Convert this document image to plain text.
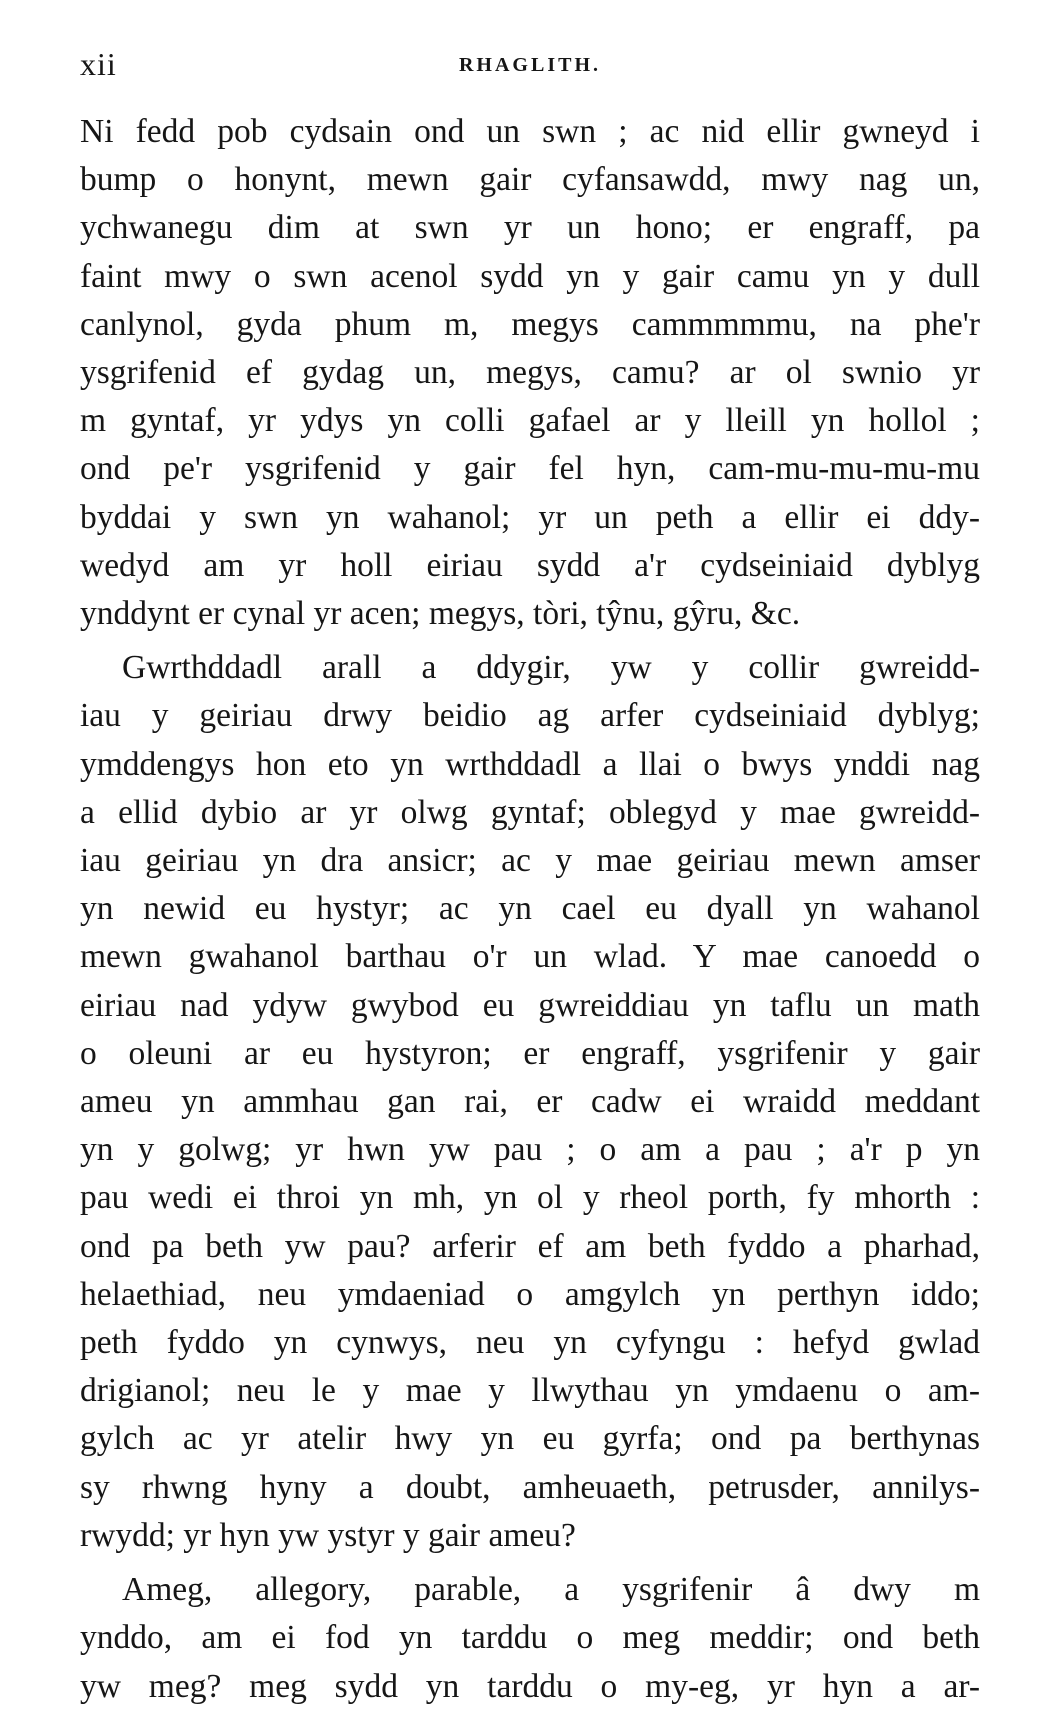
xii	RHAGLITH.

Ni fedd pob cydsain ond un swn ; ac nid ellir gwneyd i
bump o honynt, mewn gair cyfansawdd, mwy nag un,
ychwanegu dim at swn yr un hono; er engraff, pa
faint mwy o swn acenol sydd yn y gair camu yn y dull
canlynol, gyda phum m, megys cammmmmu, na phe'r
ysgrifenid ef gydag un, megys, camu? ar ol swnio yr
m gyntaf, yr ydys yn colli gafael ar y lleill yn hollol ;
ond pe'r ysgrifenid y gair fel hyn, cam-mu-mu-mu-mu
byddai y swn yn wahanol; yr un peth a ellir ei ddy-
wedyd am yr holl eiriau sydd a'r cydseiniaid dyblyg
ynddynt er cynal yr acen; megys, tòri, tŷnu, gŷru, &c.

Gwrthddadl arall a ddygir, yw y collir gwreidd-
iau y geiriau drwy beidio ag arfer cydseiniaid dyblyg;
ymddengys hon eto yn wrthddadl a llai o bwys ynddi nag
a ellid dybio ar yr olwg gyntaf; oblegyd y mae gwreidd-
iau geiriau yn dra ansicr; ac y mae geiriau mewn amser
yn newid eu hystyr; ac yn cael eu dyall yn wahanol
mewn gwahanol barthau o'r un wlad. Y mae canoedd o
eiriau nad ydyw gwybod eu gwreiddiau yn taflu un math
o oleuni ar eu hystyron; er engraff, ysgrifenir y gair
ameu yn ammhau gan rai, er cadw ei wraidd meddant
yn y golwg; yr hwn yw pau ; o am a pau ; a'r p yn
pau wedi ei throi yn mh, yn ol y rheol porth, fy mhorth :
ond pa beth yw pau? arferir ef am beth fyddo a pharhad,
helaethiad, neu ymdaeniad o amgylch yn perthyn iddo;
peth fyddo yn cynwys, neu yn cyfyngu : hefyd gwlad
drigianol; neu le y mae y llwythau yn ymdaenu o am-
gylch ac yr atelir hwy yn eu gyrfa; ond pa berthynas
sy rhwng hyny a doubt, amheuaeth, petrusder, annilys-
rwydd; yr hyn yw ystyr y gair ameu?

Ameg, allegory, parable, a ysgrifenir â dwy m
ynddo, am ei fod yn tarddu o meg meddir; ond beth
yw meg? meg sydd yn tarddu o my-eg, yr hyn a ar-
